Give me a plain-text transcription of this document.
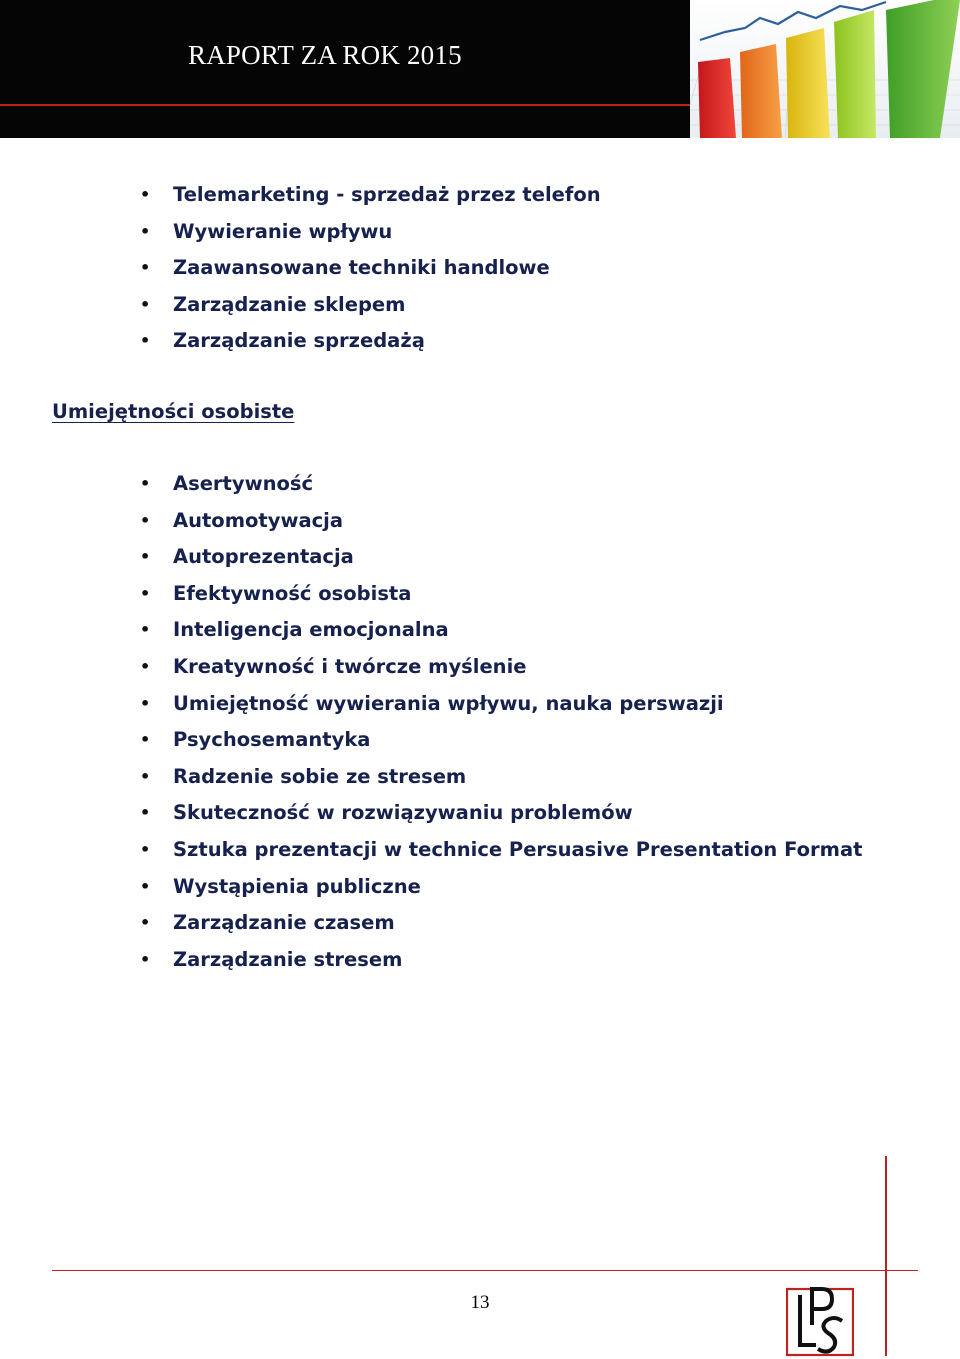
RAPORT ZA ROK 2015
• Telemarketing - sprzedaż przez telefon
• Wywieranie wpływu
• Zaawansowane techniki handlowe
• Zarządzanie sklepem
• Zarządzanie sprzedażą
Umiejętności osobiste
• Asertywność
• Automotywacja
• Autoprezentacja
• Efektywność osobista
• Inteligencja emocjonalna
• Kreatywność i twórcze myślenie
• Umiejętność wywierania wpływu, nauka perswazji
• Psychosemantyka
• Radzenie sobie ze stresem
• Skuteczność w rozwiązywaniu problemów
• Sztuka prezentacji w technice Persuasive Presentation Format
• Wystąpienia publiczne
• Zarządzanie czasem
• Zarządzanie stresem
13
